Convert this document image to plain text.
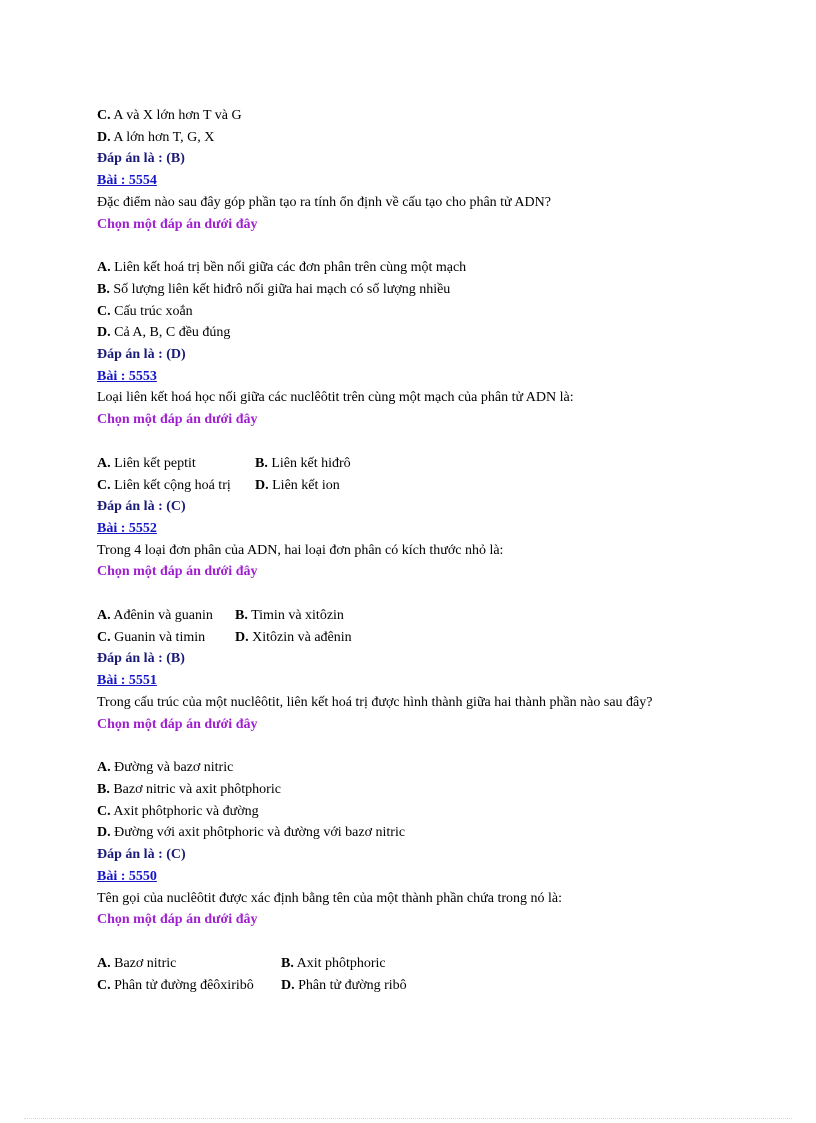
C. A và X lớn hơn T và G
D. A lớn hơn T, G, X
Đáp án là : (B)
Bài : 5554
Đặc điểm nào sau đây góp phần tạo ra tính ổn định về cấu tạo cho phân tử ADN?
Chọn một đáp án dưới đây
A. Liên kết hoá trị bền nối giữa các đơn phân trên cùng một mạch
B. Số lượng liên kết hiđrô nối giữa hai mạch có số lượng nhiều
C. Cấu trúc xoắn
D. Cả A, B, C đều đúng
Đáp án là : (D)
Bài : 5553
Loại liên kết hoá học nối giữa các nuclêôtit trên cùng một mạch của phân tử ADN là:
Chọn một đáp án dưới đây
A. Liên kết peptit	B. Liên kết hiđrô
C. Liên kết cộng hoá trị	D. Liên kết ion
Đáp án là : (C)
Bài : 5552
Trong 4 loại đơn phân của ADN, hai loại đơn phân có kích thước nhỏ là:
Chọn một đáp án dưới đây
A. Ađênin và guanin	B. Timin và xitôzin
C. Guanin và timin	D. Xitôzin và ađênin
Đáp án là : (B)
Bài : 5551
Trong cấu trúc của một nuclêôtit, liên kết hoá trị được hình thành giữa hai thành phần nào sau đây?
Chọn một đáp án dưới đây
A. Đường và bazơ nitric
B. Bazơ nitric và axit phôtphoric
C. Axit phôtphoric và đường
D. Đường với axit phôtphoric và đường với bazơ nitric
Đáp án là : (C)
Bài : 5550
Tên gọi của nuclêôtit được xác định bằng tên của một thành phần chứa trong nó là:
Chọn một đáp án dưới đây
A. Bazơ nitric	B. Axit phôtphoric
C. Phân tử đường đêôxiribô	D. Phân tử đường ribô
